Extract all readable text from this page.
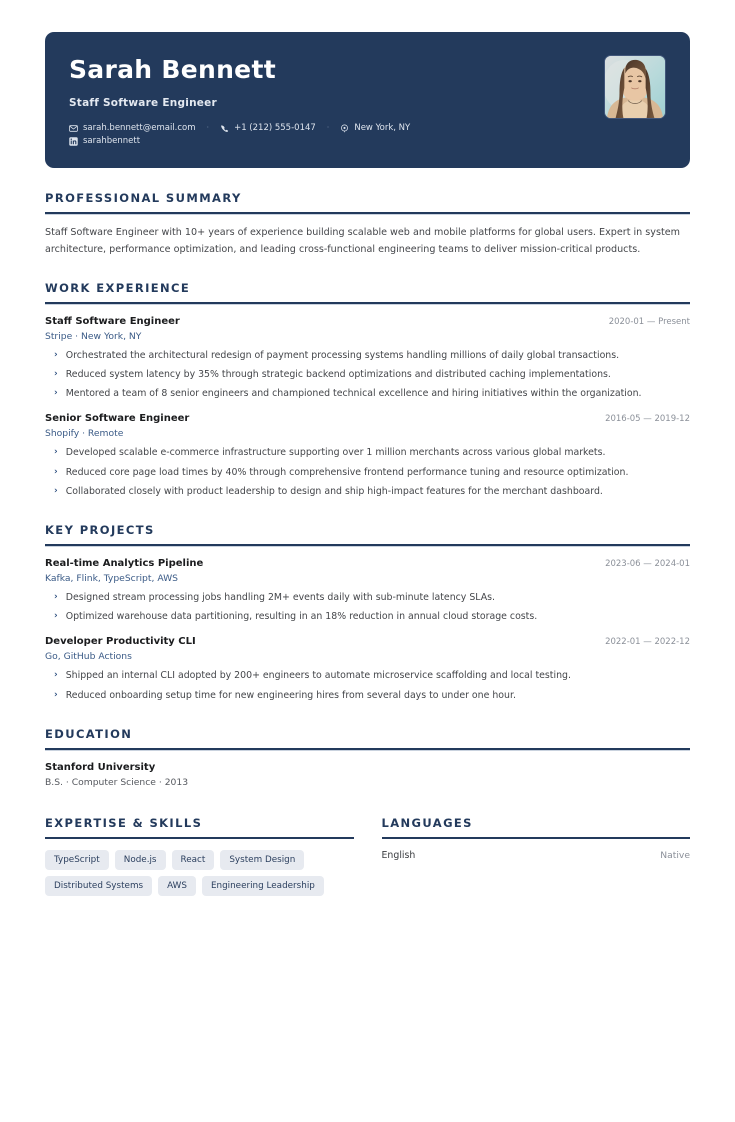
Sarah Bennett
Staff Software Engineer
sarah.bennett@email.com	·	+1 (212) 555-0147	·	New York, NY
sarahbennett
PROFESSIONAL SUMMARY
Staff Software Engineer with 10+ years of experience building scalable web and mobile platforms for global users. Expert in system architecture, performance optimization, and leading cross-functional engineering teams to deliver mission-critical products.
WORK EXPERIENCE
Staff Software Engineer	2020-01 — Present
Stripe · New York, NY
› Orchestrated the architectural redesign of payment processing systems handling millions of daily global transactions.
› Reduced system latency by 35% through strategic backend optimizations and distributed caching implementations.
› Mentored a team of 8 senior engineers and championed technical excellence and hiring initiatives within the organization.
Senior Software Engineer	2016-05 — 2019-12
Shopify · Remote
› Developed scalable e-commerce infrastructure supporting over 1 million merchants across various global markets.
› Reduced core page load times by 40% through comprehensive frontend performance tuning and resource optimization.
› Collaborated closely with product leadership to design and ship high-impact features for the merchant dashboard.
KEY PROJECTS
Real-time Analytics Pipeline	2023-06 — 2024-01
Kafka, Flink, TypeScript, AWS
› Designed stream processing jobs handling 2M+ events daily with sub-minute latency SLAs.
› Optimized warehouse data partitioning, resulting in an 18% reduction in annual cloud storage costs.
Developer Productivity CLI	2022-01 — 2022-12
Go, GitHub Actions
› Shipped an internal CLI adopted by 200+ engineers to automate microservice scaffolding and local testing.
› Reduced onboarding setup time for new engineering hires from several days to under one hour.
EDUCATION
Stanford University
B.S. · Computer Science · 2013
EXPERTISE & SKILLS
TypeScript	Node.js	React	System Design
Distributed Systems	AWS	Engineering Leadership
LANGUAGES
English	Native
